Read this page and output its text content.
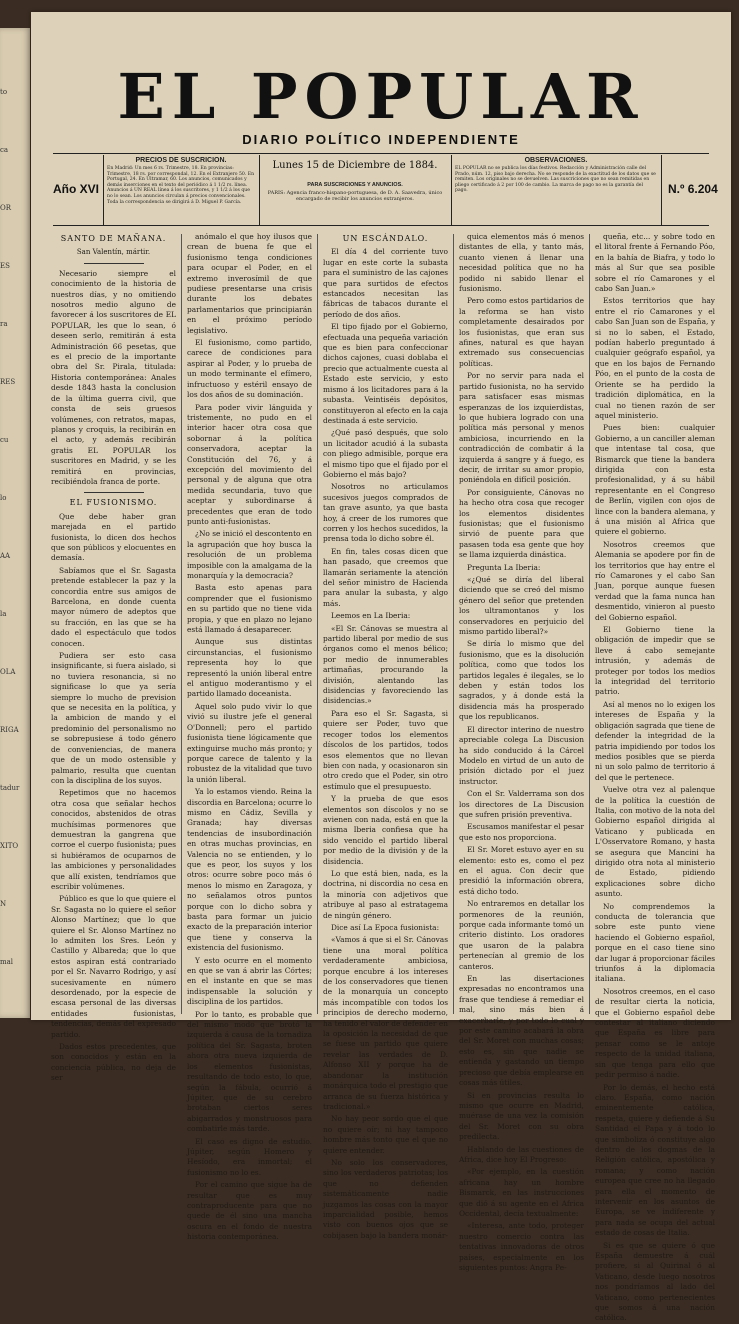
to
ca
OR
ES
ra
RES
cu
lo
AA
la
OLA
RIGA
tadur
XITO
N
mal
EL POPULAR
DIARIO POLÍTICO INDEPENDIENTE
Año XVI
PRECIOS DE SUSCRICION.
En Madrid: Un mes 6 rs. Trimestre, 18. En provincias: Trimestre, 18 rs. por correspondal, 12. En el Extranjero 50. En Portugal, 24. En Ultramar, 60. Los anuncios, comunicados y demás inserciones en el texto del periódico á 1 1/2 rs. línea. Anuncios á UN REAL línea á los suscritores, y 1 1/2 á los que no lo sean. Los anuncios circulan á precios convencionales. Toda la correspondencia se dirigirá á D. Miguel P. García.
Lunes 15 de Diciembre de 1884.
PARA SUSCRICIONES Y ANUNCIOS.
PARIS: Agencia franco-hispano-portuguesa, de D. A. Saavedra, único encargado de recibir los anuncios extranjeros.
OBSERVACIONES.
EL POPULAR no se publica los días festivos. Redacción y Administración calle del Prado, núm. 12, piso bajo derecha. No se responde de la exactitud de los datos que se remiten. Los originales no se devuelven. Las suscriciones que no sean remitidas en pliego certificado á 2 por 100 de cambio. La marca de pago no es la garantía del pago.	N.º 6.204
SANTO DE MAÑANA.
San Valentín, mártir.

Necesario siempre el conocimiento de la historia de nuestros días, y no omitiendo nosotros medio alguno de favorecer á los suscritores de EL POPULAR, les que lo sean, ó deseen serlo, remitirán á esta Administración 66 pesetas, que es el precio de la importante obra del Sr. Pirala, titulada: Historia contemporánea: Anales desde 1843 hasta la conclusion de la última guerra civil, que consta de seis gruesos volúmenes, con retratos, mapas, planos y croquis, la recibirán en el acto, y además recibirán gratis EL POPULAR los suscritores en Madrid, y se les remitirá en provincias, recibiéndola franca de porte.

EL FUSIONISMO.

Que debe haber gran marejada en el partido fusionista, lo dicen dos hechos que son públicos y elocuentes en demasía.

Sabíamos que el Sr. Sagasta pretende establecer la paz y la concordia entre sus amigos de Barcelona, en donde cuenta mayor número de adeptos que su fracción, en las que se ha dado el espectáculo que todos conocen.

Pudiera ser esto casa insignificante, si fuera aislado, si no tuviera resonancia, si no significase lo que ya sería siempre lo mucho de prevision que se necesita en la política, y la ambicion de mando y el predominio del personalismo no se sobrepusiese á todo género de conveniencias, de manera que de un modo ostensible y palmario, resulta que cuentan con la disciplina de los suyos.

Repetimos que no hacemos otra cosa que señalar hechos conocidos, abstenidos de otras muchísimas pormenores que demuestran la gangrena que corroe el cuerpo fusionista; pues si hubiéramos de ocuparnos de las ambiciones y personalidades que allí existen, tendríamos que escribir volúmenes.

Público es que lo que quiere el Sr. Sagasta no lo quiere el señor Alonso Martínez; que lo que quiere el Sr. Alonso Martínez no lo admiten los Sres. León y Castillo y Albareda; que lo que estos aspiran está contrariado por el Sr. Navarro Rodrigo, y así sucesivamente en número desordenado, por la especie de escasa personal de las diversas entidades fusionistas, tendencias, demás del expresado partido.

Dados estos precedentes, que son conocidos y están en la conciencia pública, no deja de ser

anómalo el que hoy ilusos que crean de buena fe que el fusionismo tenga condiciones para ocupar el Poder, en el extremo inverosímil de que pudiese presentarse una crisis durante los debates parlamentarios que principiarán en el próximo período legislativo.

El fusionismo, como partido, carece de condiciones para aspirar al Poder, y lo prueba de un modo terminante el efímero, infructuoso y estéril ensayo de los dos años de su dominación.

Para poder vivir lánguida y tristemente, no pudo en el interior hacer otra cosa que sobornar á la política conservadora, aceptar la Constitución del 76, y á excepción del movimiento del personal y de alguna que otra medida secundaria, tuvo que aceptar y subordinarse á precedentes que eran de todo punto anti-fusionistas.

¿No se inició el descontento en la agrupación que hoy busca la resolución de un problema imposible con la amalgama de la monarquía y la democracia?

Basta esto apenas para comprender que el fusionismo en su partido que no tiene vida propia, y que en plazo no lejano está llamado á desaparecer.

Aunque sus distintas circunstancias, el fusionismo representa hoy lo que representó la unión liberal entre el antiguo moderantismo y el partido llamado doceanista.

Aquel solo pudo vivir lo que vivió su ilustre jefe el general O'Donnell; pero el partido fusionista tiene lógicamente que extinguirse mucho más pronto; y porque carece de talento y la robustez de la vitalidad que tuvo la unión liberal.

Ya lo estamos viendo. Reina la discordia en Barcelona; ocurre lo mismo en Cádiz, Sevilla y Granada; hay diversas tendencias de insubordinación en otras muchas provincias, en Valencia no se entienden, y lo que es peor, los suyos y los otros: ocurre sobre poco más ó menos lo mismo en Zaragoza, y no señalamos otros puntos porque con lo dicho sobra y basta para formar un juicio exacto de la preparación interior que tiene y conserva la existencia del fusionismo.

Y esto ocurre en el momento en que se van á abrir las Córtes; en el instante en que se mas indispensable la solución y disciplina de los partidos.

Por lo tanto, es probable que del mismo modo que brotó la izquierda á causa de la tornadiza política del Sr. Sagasta, broten ahora otra nueva izquierda de los elementos fusionistas, resultando de todo esto, lo que, según la fábula, ocurrió á Júpiter, que de su cerebro brotaban ciertos seres abigarrados y monstruosos para combatirle más tarde.

El caso es digno de estudio. Júpiter, según Homero y Hesíodo, era inmortal; el fusionismo no lo es.

Por el camino que sigue ha de resultar que es muy contraproducente para que no quede de él sino una mancha oscura en el fondo de nuestra historia contemporánea.

UN ESCÁNDALO.

El día 4 del corriente tuvo lugar en este corte la subasta para el suministro de las cajones que para surtidos de efectos estancados necesitan las fábricas de tabacos durante el período de dos años.

El tipo fijado por el Gobierno, efectuada una pequeña variación que es bien para confeccionar dichos cajones, cuasi doblaba el precio que actualmente cuesta al Estado este servicio, y esto mismo á los licitadores para á la subasta. Veintiséis depósitos, constituyeron al efecto en la caja destinada á este servicio.

¿Qué pasó después, que solo un licitador acudió á la subasta con pliego admisible, porque era el mismo tipo que el fijado por el Gobierno el más bajo?

Nosotros no articulamos sucesivos juegos comprados de tan grave asunto, ya que basta hoy, á creer de los rumores que corren y los hechos sucedidos, la prensa toda lo dicho sobre él.

En fin, tales cosas dicen que han pasado, que creemos que llamarán seriamente la atención del señor ministro de Hacienda para anular la subasta, y algo más.

Leemos en La Iberia:

«El Sr. Cánovas se muestra al partido liberal por medio de sus órganos como el menos bélico; por medio de innumerables artimañas, procurando la división, alentando las disidencias y favoreciendo las disidencias.»

Para eso el Sr. Sagasta, si quiere ser Poder, tuvo que recoger todos los elementos díscolos de los partidos, todos esos elementos que no llevan bien con nada, y ocasionaron sin otro credo que el Poder, sin otro estímulo que el presupuesto.

Y la prueba de que esos elementos son díscolos y no se avienen con nada, está en que la misma Iberia confiesa que ha sido vencido el partido liberal por medio de la división y de la disidencia.

Lo que está bien, nada, es la doctrina, ni discordia no cesa en la minoría con adjetivos que atribuye al paso al estratagema de ningún género.

Dice así La Epoca fusionista:

«Vamos á que si el Sr. Cánovas tiene una moral política verdaderamente ambiciosa, porque encubre á los intereses de los conservadores que tienen de la monarquía un concepto más incompatible con todos los principios de derecho moderno, ha tenido el valor de defender en la oposición la necesidad de que se fuese un partido que quiere revelar las verdades de D. Alfonso XII y porque ha de abandonar la institución monárquica todo el prestigio que arranca de su fuerza histórica y tradicional.»

No hay peor sordo que el que no quiere oír; ni hay tampoco hombre más tonto que el que no quiere entender.

No solo los conservadores, sino los verdaderos patriotas; los que no defienden sistemáticamente nadie juzgamos las cosas con la mayor imparcialidad posible, hemos visto con buenos ojos que se cobijasen bajo la bandera monár-

quica elementos más ó menos distantes de ella, y tanto más, cuanto vienen á llenar una necesidad política que no ha podido ni sabido llenar el fusionismo.

Pero como estos partidarios de la reforma se han visto completamente desairados por los fusionistas, que eran sus afines, natural es que hayan extremado sus consecuencias políticas.

Por no servir para nada el partido fusionista, no ha servido para satisfacer esas mismas esperanzas de los izquierdistas, lo que hubiera logrado con una política más personal y menos ambiciosa, incurriendo en la contradicción de combatir á la izquierda á sangre y á fuego, es decir, de irritar su amor propio, poniéndola en difícil posición.

Por consiguiente, Cánovas no ha hecho otra cosa que recoger los elementos disidentes fusionistas; que el fusionismo sirvió de puente para que pasasen toda esa gente que hoy se llama izquierda dinástica.

Pregunta La Iberia:

«¿Qué se diría del liberal diciendo que se creó del mismo género del señor que pretenden los ultramontanos y los conservadores en perjuicio del mismo partido liberal?»

Se diría lo mismo que del fusionismo, que es la disolución política, como que todos los partidos legales é ilegales, se lo deben y están todos los sagrados, y á donde está la disidencia más ha prosperado que los republicanos.

El director interino de nuestro apreciable colega La Discusion ha sido conducido á la Cárcel Modelo en virtud de un auto de prisión dictado por el juez instructor.

Con el Sr. Valderrama son dos los directores de La Discusion que sufren prisión preventiva.

Escusamos manifestar el pesar que esto nos proporciona.

El Sr. Moret estuvo ayer en su elemento: esto es, como el pez en el agua. Con decir que presidió la información obrera, está dicho todo.

No entraremos en detallar los pormenores de la reunión, porque cada informante tomó un criterio distinto. Los oradores que usaron de la palabra pertenecían al gremio de los canteros.

En las disertaciones expresadas no encontramos una frase que tendiese á remediar el mal, sino más bien á exacerbarle, y por todo lo cual y por este camino acabará la obra del Sr. Moret con muchas cosas; esto es, sin que nadie se entienda y gastando un tiempo precioso que debía emplearse en cosas más útiles.

Si en provincias resulta lo mismo que ocurre en Madrid, muérase de una vez la comisión del Sr. Moret con su obra predilecta.

Hablando de las cuestiones de Africa, dice hoy El Progreso:

«Por ejemplo, en la cuestión africana hay un hombre Bismarck, en las instrucciones que dió á su agente en el Africa Occidental, decía textualmente:

«Interesa, ante todo, proteger nuestro comercio contra las tentativas innovadoras de otros países, especialmente en los siguientes puntos: Angra Pe-

queña, etc... y sobre todo en el litoral frente á Fernando Póo, en la bahía de Biafra, y todo lo más al Sur que sea posible sobre el río Camarones y el cabo San Juan.»

Estos territorios que hay entre el río Camarones y el cabo San Juan son de España, y si no lo saben, el Estado, podían haberlo preguntado á cualquier geógrafo español, ya que en los bajos de Fernando Póo, en el punto de la costa de Oriente se ha perdido la tradición diplomática, en la cual no tienen razón de ser aquel ministerio.

Pues bien: cualquier Gobierno, a un canciller aleman que intentase tal cosa, que Bismarck que tiene la bandera dirigida con esta profesionalidad, y á su hábil representante en el Congreso de Berlín, vigilen con ojos de lince con la bandera alemana, y á una misión al Africa que quiere el gobierno.

Nosotros creemos que Alemania se apodere por fin de los territorios que hay entre el río Camarones y el cabo San Juan, porque aunque fuesen verdad que la fama nunca han desmentido, vinieron al puesto del Gobierno español.

El Gobierno tiene la obligación de impedir que se lleve á cabo semejante intrusión, y además de proteger por todos los medios la integridad del territorio patrio.

Así al menos no lo exigen los intereses de España y la obligación sagrada que tiene de defender la integridad de la patria impidiendo por todos los medios posibles que se pierda ni un solo palmo de territorio á del que le pertenece.

Vuelve otra vez al palenque de la política la cuestión de Italia, con motivo de la nota del Gobierno español dirigida al Vaticano y publicada en L'Osservatore Romano, y hasta se asegura que Mancini ha dirigido otra nota al ministerio de Estado, pidiendo explicaciones sobre dicho asunto.

No comprendemos la conducta de tolerancia que sobre este punto viene haciendo el Gobierno español, porque en el caso tiene sino dar lugar á proporcionar fáciles triunfos á la diplomacia italiana.

Nosotros creemos, en el caso de resultar cierta la noticia, que el Gobierno español debe contestar al italiano diciendo que España es libre para pensar como se le antoje respecto de la unidad italiana, sin que tenga para ello que pedir permiso á nadie.

Por lo demás, el hecho está claro. España, como nación eminentemente católica, respeta, quiere y defiende á Su Santidad el Papa y á todo lo que simboliza ó constituye algo dentro de los dogmas de la Religión católica, apostólica y romana; y como nación europea que cree no ha llegado para ella el momento de intervenir en los asuntos de Europa, se ve indiferente y para nada se ocupa del actual estado de cosas de Italia.

Si es que se quiere ó que España demuestre á cuál profiere, si al Quirinal ó al Vaticano, desde luego nosotros nos pondríamos al lado del Vaticano, como pertenecientes que somos á una nación católica.
